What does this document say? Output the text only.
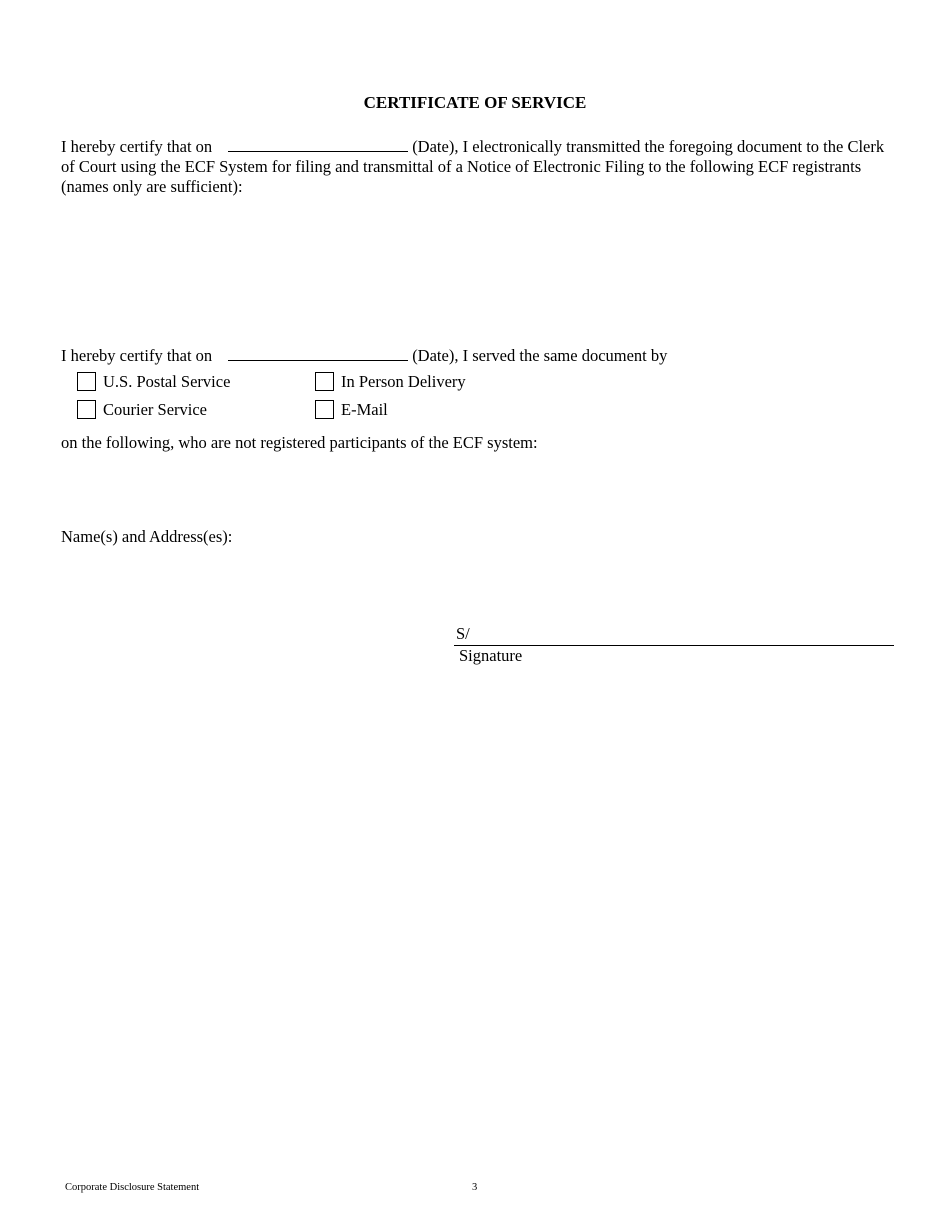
CERTIFICATE OF SERVICE
I hereby certify that on	(Date), I electronically transmitted the foregoing document to the Clerk of Court using the ECF System for filing and transmittal of a Notice of Electronic Filing to the following ECF registrants (names only are sufficient):
I hereby certify that on	(Date), I served the same document by
U.S. Postal Service	In Person Delivery
Courier Service	E-Mail
on the following, who are not registered participants of the ECF system:
Name(s) and Address(es):
S/
Signature
Corporate Disclosure Statement	3
